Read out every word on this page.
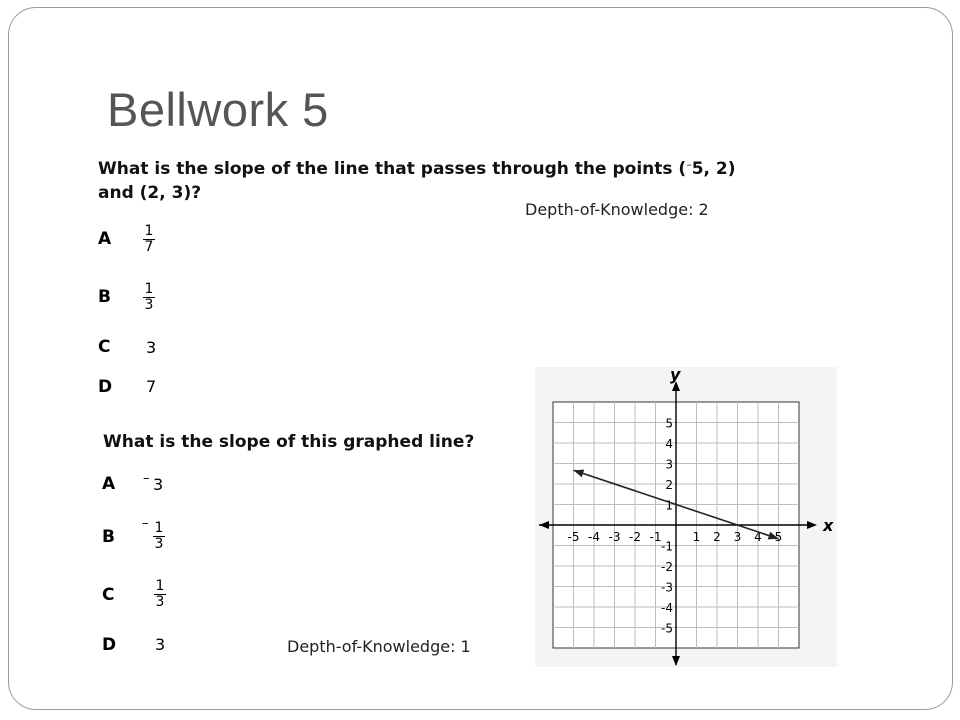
Bellwork 5
What is the slope of the line that passes through the points (–5, 2)
and (2, 3)?
Depth-of-Knowledge: 2
A 1
7
B 1
3
C 3
D 7
What is the slope of this graphed line?
A – 3
B
– 1
3
C	1
3
D 3	Depth-of-Knowledge: 1
x
y
-5 -4 -3 -2 -1	1 2 3 4 5
5
4
3
2
1
-1
-2
-3
-4
-5
